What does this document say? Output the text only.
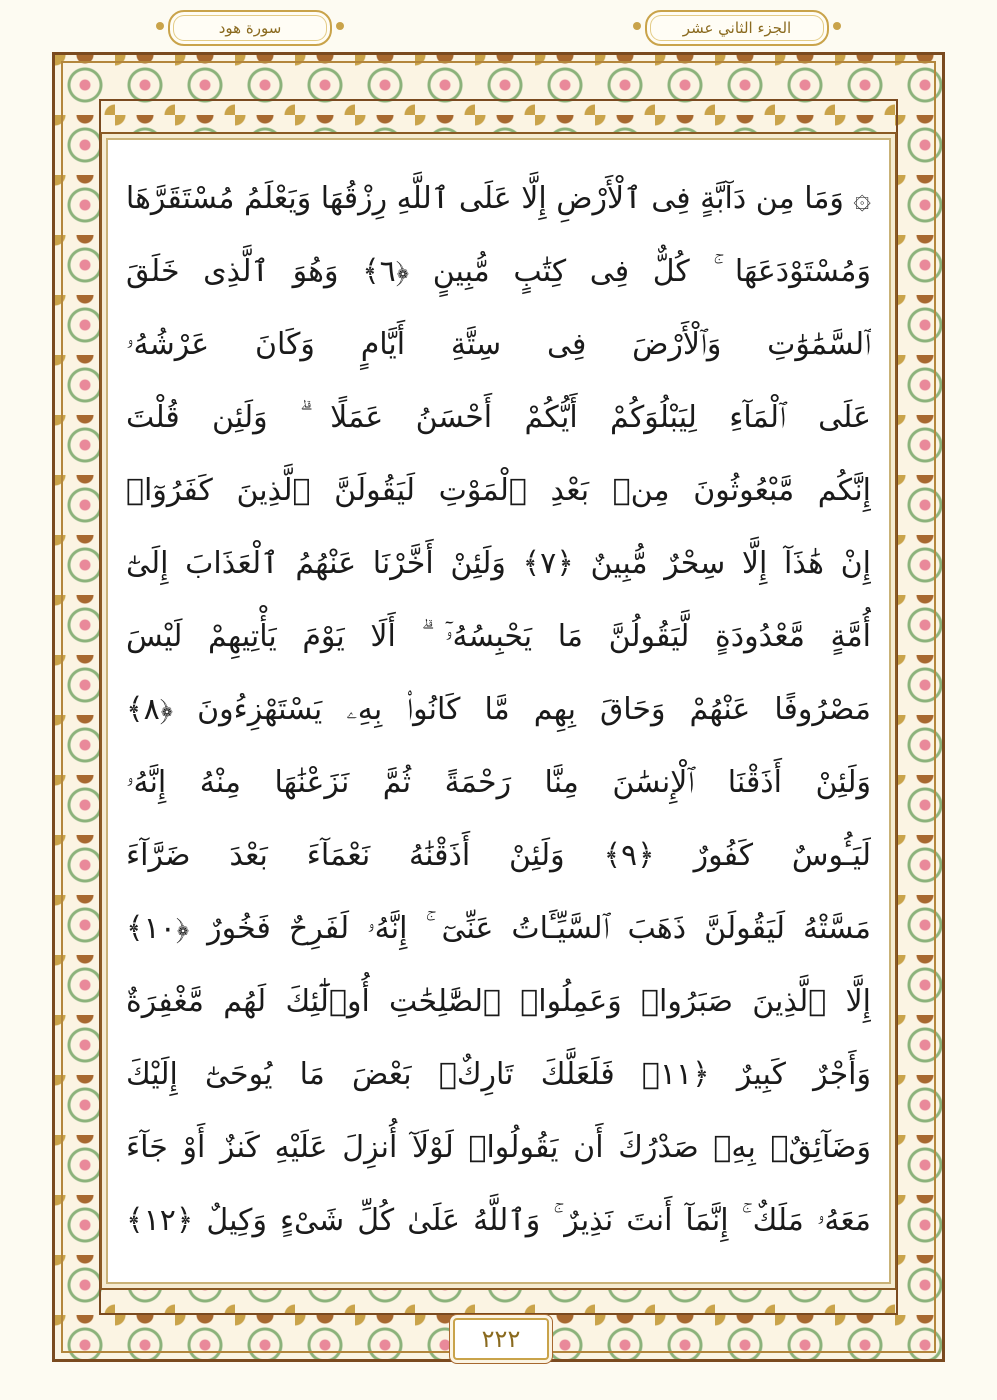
سورة هود	الجزء الثاني عشر
۞ وَمَا مِن دَآبَّةٍ فِى ٱلْأَرْضِ إِلَّا عَلَى ٱللَّهِ رِزْقُهَا وَيَعْلَمُ مُسْتَقَرَّهَا
وَمُسْتَوْدَعَهَا ۚ كُلٌّ فِى كِتَٰبٍ مُّبِينٍ ﴿٦﴾ وَهُوَ ٱلَّذِى خَلَقَ
ٱلسَّمَٰوَٰتِ وَٱلْأَرْضَ فِى سِتَّةِ أَيَّامٍ وَكَانَ عَرْشُهُۥ
عَلَى ٱلْمَآءِ لِيَبْلُوَكُمْ أَيُّكُمْ أَحْسَنُ عَمَلًا ۗ وَلَئِن قُلْتَ
إِنَّكُم مَّبْعُوثُونَ مِنۢ بَعْدِ ٱلْمَوْتِ لَيَقُولَنَّ ٱلَّذِينَ كَفَرُوٓا۟
إِنْ هَٰذَآ إِلَّا سِحْرٌ مُّبِينٌ ﴿٧﴾ وَلَئِنْ أَخَّرْنَا عَنْهُمُ ٱلْعَذَابَ إِلَىٰٓ
أُمَّةٍ مَّعْدُودَةٍ لَّيَقُولُنَّ مَا يَحْبِسُهُۥٓ ۗ أَلَا يَوْمَ يَأْتِيهِمْ لَيْسَ
مَصْرُوفًا عَنْهُمْ وَحَاقَ بِهِم مَّا كَانُوا۟ بِهِۦ يَسْتَهْزِءُونَ ﴿٨﴾
وَلَئِنْ أَذَقْنَا ٱلْإِنسَٰنَ مِنَّا رَحْمَةً ثُمَّ نَزَعْنَٰهَا مِنْهُ إِنَّهُۥ
لَيَـُٔوسٌ كَفُورٌ ﴿٩﴾ وَلَئِنْ أَذَقْنَٰهُ نَعْمَآءَ بَعْدَ ضَرَّآءَ
مَسَّتْهُ لَيَقُولَنَّ ذَهَبَ ٱلسَّيِّـَٔاتُ عَنِّىٓ ۚ إِنَّهُۥ لَفَرِحٌ فَخُورٌ ﴿١٠﴾
إِلَّا ٱلَّذِينَ صَبَرُوا۟ وَعَمِلُوا۟ ٱلصَّٰلِحَٰتِ أُو۟لَٰٓئِكَ لَهُم مَّغْفِرَةٌ
وَأَجْرٌ كَبِيرٌ ﴿١١﴾ فَلَعَلَّكَ تَارِكٌۢ بَعْضَ مَا يُوحَىٰٓ إِلَيْكَ
وَضَآئِقٌۢ بِهِۦ صَدْرُكَ أَن يَقُولُوا۟ لَوْلَآ أُنزِلَ عَلَيْهِ كَنزٌ أَوْ جَآءَ
مَعَهُۥ مَلَكٌ ۚ إِنَّمَآ أَنتَ نَذِيرٌ ۚ وَٱللَّهُ عَلَىٰ كُلِّ شَىْءٍ وَكِيلٌ ﴿١٢﴾
٢٢٢
